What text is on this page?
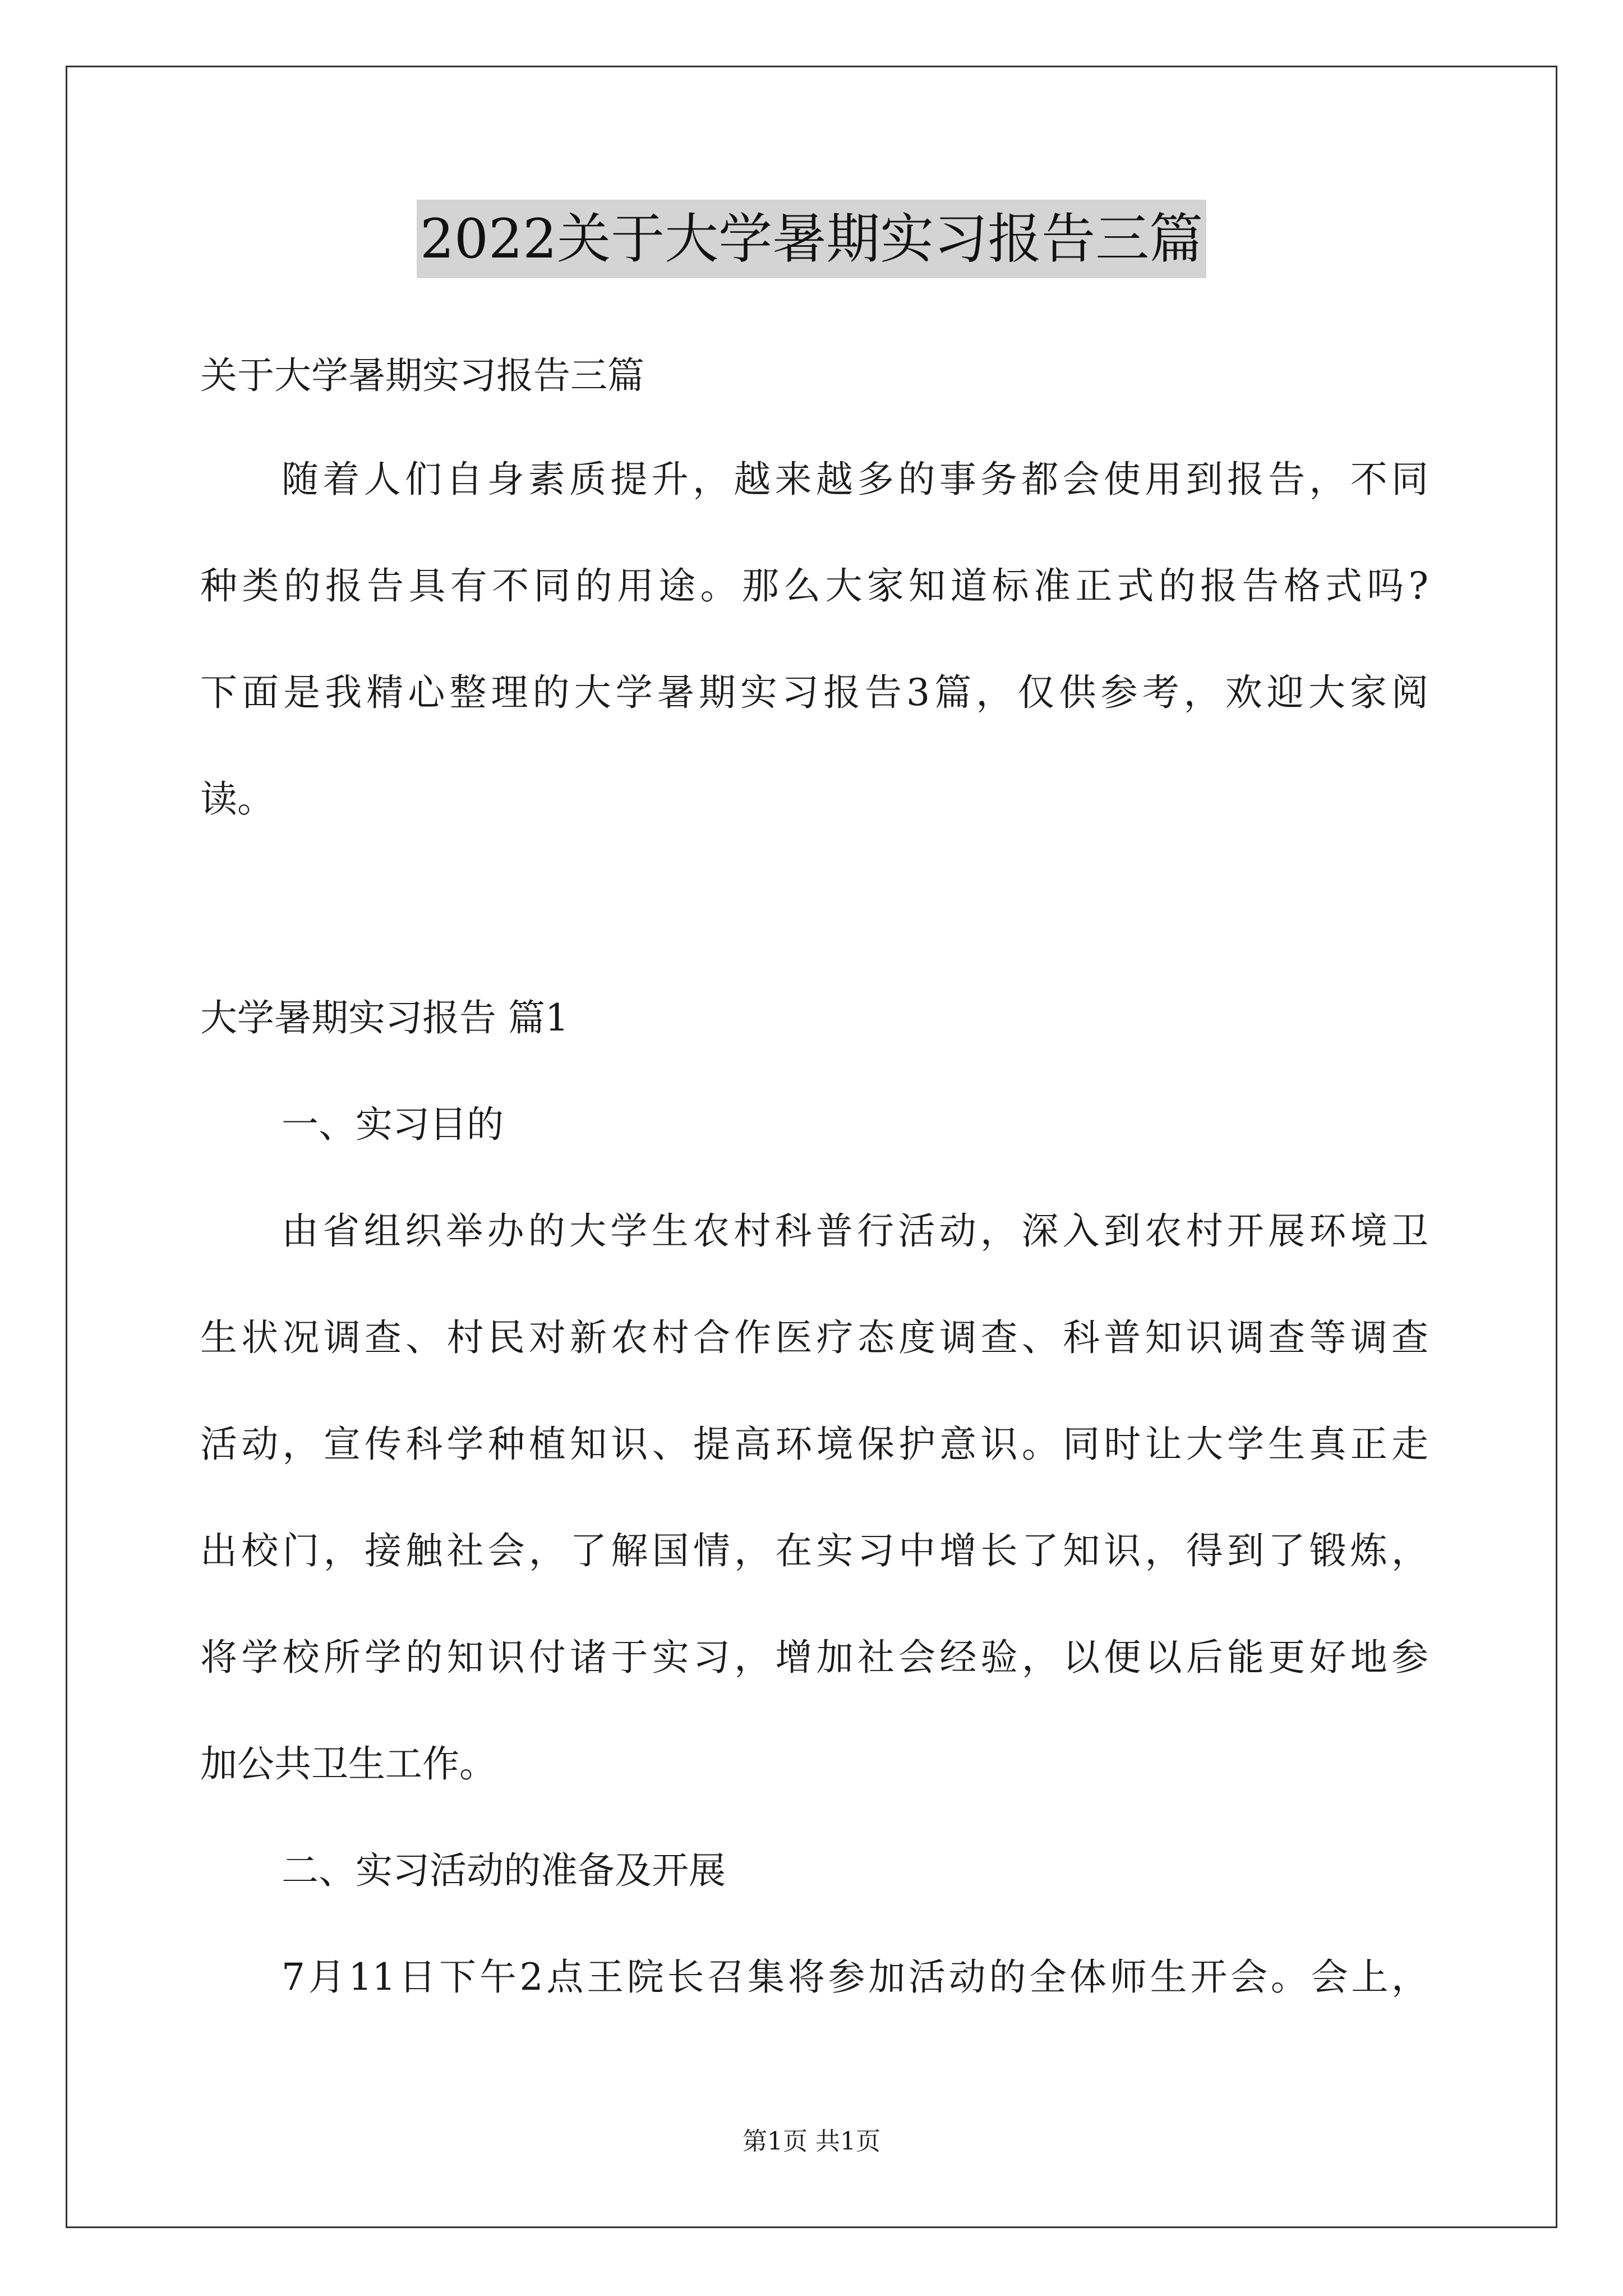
2022关于大学暑期实习报告三篇
关于大学暑期实习报告三篇
随着人们自身素质提升，越来越多的事务都会使用到报告，不同
种类的报告具有不同的用途。那么大家知道标准正式的报告格式吗?
下面是我精心整理的大学暑期实习报告3篇，仅供参考，欢迎大家阅
读。
大学暑期实习报告 篇1
一、实习目的
由省组织举办的大学生农村科普行活动，深入到农村开展环境卫
生状况调查、村民对新农村合作医疗态度调查、科普知识调查等调查
活动，宣传科学种植知识、提高环境保护意识。同时让大学生真正走
出校门，接触社会，了解国情，在实习中增长了知识，得到了锻炼，
将学校所学的知识付诸于实习，增加社会经验，以便以后能更好地参
加公共卫生工作。
二、实习活动的准备及开展
7月11日下午2点王院长召集将参加活动的全体师生开会。会上，
第1页 共1页
